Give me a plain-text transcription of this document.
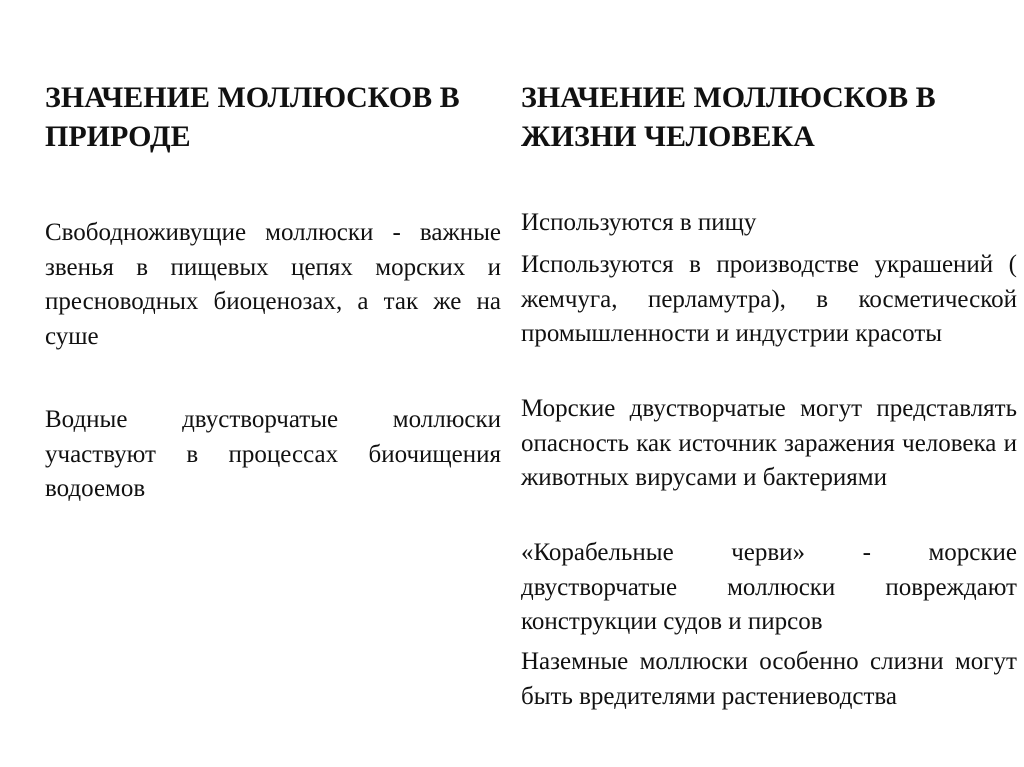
ЗНАЧЕНИЕ МОЛЛЮСКОВ В ПРИРОДЕ

Свободноживущие моллюски - важные звенья в пищевых цепях морских и пресноводных биоценозах, а так же на суше

Водные двустворчатые моллюски участвуют в процессах биочищения водоемов

ЗНАЧЕНИЕ МОЛЛЮСКОВ В ЖИЗНИ ЧЕЛОВЕКА

Используются в пищу

Используются в производстве украшений ( жемчуга, перламутра), в косметической промышленности и индустрии красоты

Морские двустворчатые могут представлять опасность как источник заражения человека и животных вирусами и бактериями

«Корабельные черви» - морские двустворчатые моллюски повреждают конструкции судов и пирсов

Наземные моллюски особенно слизни могут быть вредителями растениеводства
